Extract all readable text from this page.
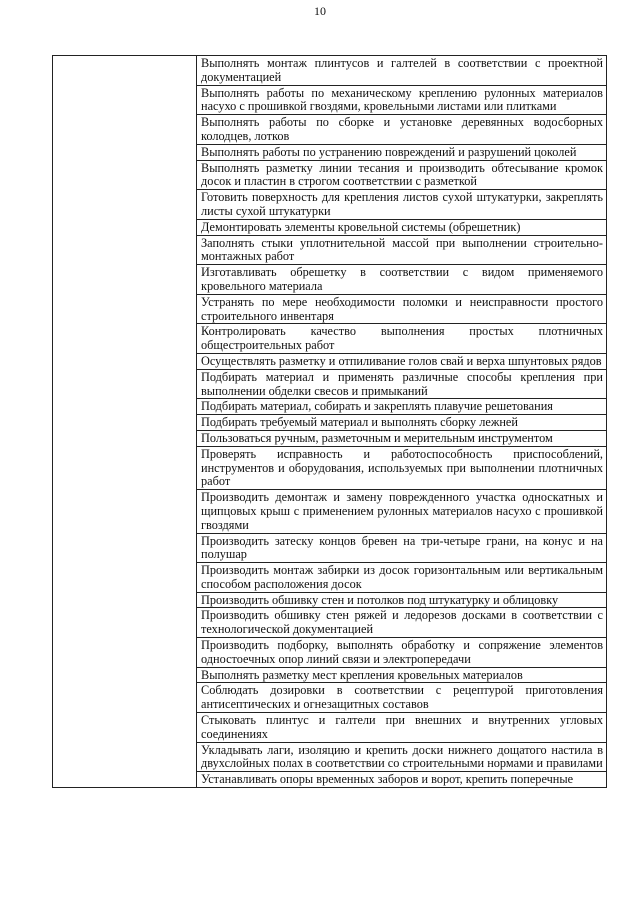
10

Выполнять монтаж плинтусов и галтелей в соответствии с проектной документацией

Выполнять работы по механическому креплению рулонных материалов насухо с прошивкой гвоздями, кровельными листами или плитками

Выполнять работы по сборке и установке деревянных водосборных колодцев, лотков

Выполнять работы по устранению повреждений и разрушений цоколей

Выполнять разметку линии тесания и производить обтесывание кромок досок и пластин в строгом соответствии с разметкой

Готовить поверхность для крепления листов сухой штукатурки, закреплять листы сухой штукатурки

Демонтировать элементы кровельной системы (обрешетник)

Заполнять стыки уплотнительной массой при выполнении строительно-монтажных работ

Изготавливать обрешетку в соответствии с видом применяемого кровельного материала

Устранять по мере необходимости поломки и неисправности простого строительного инвентаря

Контролировать качество выполнения простых плотничных общестроительных работ

Осуществлять разметку и отпиливание голов свай и верха шпунтовых рядов

Подбирать материал и применять различные способы крепления при выполнении обделки свесов и примыканий

Подбирать материал, собирать и закреплять плавучие решетования

Подбирать требуемый материал и выполнять сборку лежней

Пользоваться ручным, разметочным и мерительным инструментом

Проверять исправность и работоспособность приспособлений, инструментов и оборудования, используемых при выполнении плотничных работ

Производить демонтаж и замену поврежденного участка односкатных и щипцовых крыш с применением рулонных материалов насухо с прошивкой гвоздями

Производить затеску концов бревен на три-четыре грани, на конус и на полушар

Производить монтаж забирки из досок горизонтальным или вертикальным способом расположения досок

Производить обшивку стен и потолков под штукатурку и облицовку

Производить обшивку стен ряжей и ледорезов досками в соответствии с технологической документацией

Производить подборку, выполнять обработку и сопряжение элементов одностоечных опор линий связи и электропередачи

Выполнять разметку мест крепления кровельных материалов

Соблюдать дозировки в соответствии с рецептурой приготовления антисептических и огнезащитных составов

Стыковать плинтус и галтели при внешних и внутренних угловых соединениях

Укладывать лаги, изоляцию и крепить доски нижнего дощатого настила в двухслойных полах в соответствии со строительными нормами и правилами

Устанавливать опоры временных заборов и ворот, крепить поперечные
